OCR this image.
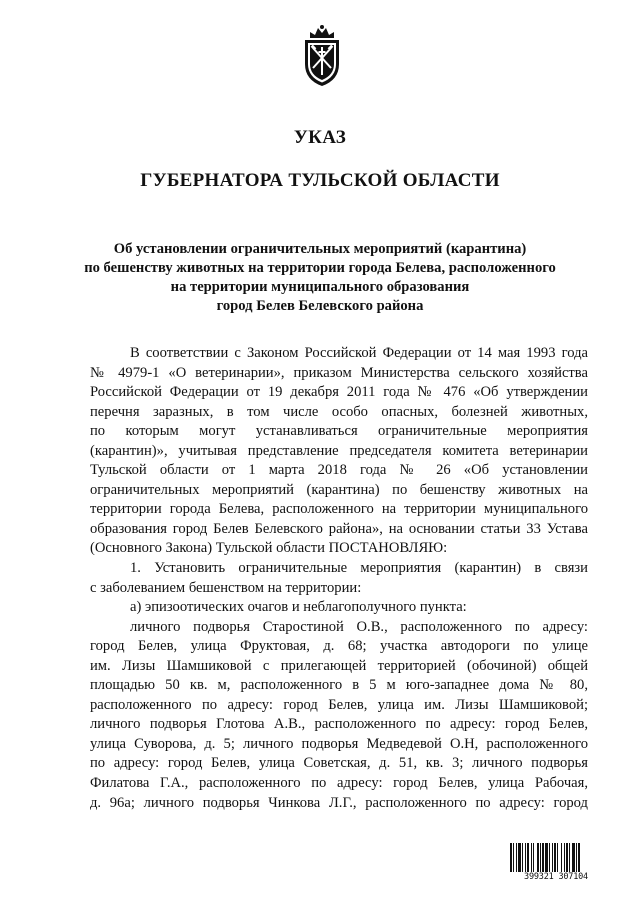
УКАЗ
ГУБЕРНАТОРА ТУЛЬСКОЙ ОБЛАСТИ
Об установлении ограничительных мероприятий (карантина)
по бешенству животных на территории города Белева, расположенного
на территории муниципального образования
город Белев Белевского района
В соответствии с Законом Российской Федерации от 14 мая 1993 года
№ 4979-1 «О ветеринарии», приказом Министерства сельского хозяйства
Российской Федерации от 19 декабря 2011 года № 476 «Об утверждении
перечня заразных, в том числе особо опасных, болезней животных,
по которым могут устанавливаться ограничительные мероприятия
(карантин)», учитывая представление председателя комитета ветеринарии
Тульской области от 1 марта 2018 года № 26 «Об установлении
ограничительных мероприятий (карантина) по бешенству животных на
территории города Белева, расположенного на территории муниципального
образования город Белев Белевского района», на основании статьи 33 Устава
(Основного Закона) Тульской области ПОСТАНОВЛЯЮ:
1. Установить ограничительные мероприятия (карантин) в связи
с заболеванием бешенством на территории:
а) эпизоотических очагов и неблагополучного пункта:
личного подворья Старостиной О.В., расположенного по адресу:
город Белев, улица Фруктовая, д. 68; участка автодороги по улице
им. Лизы Шамшиковой с прилегающей территорией (обочиной) общей
площадью 50 кв. м, расположенного в 5 м юго-западнее дома № 80,
расположенного по адресу: город Белев, улица им. Лизы Шамшиковой;
личного подворья Глотова А.В., расположенного по адресу: город Белев,
улица Суворова, д. 5; личного подворья Медведевой О.Н, расположенного
по адресу: город Белев, улица Советская, д. 51, кв. 3; личного подворья
Филатова Г.А., расположенного по адресу: город Белев, улица Рабочая,
д. 96а; личного подворья Чинкова Л.Г., расположенного по адресу: город
399321 307104
